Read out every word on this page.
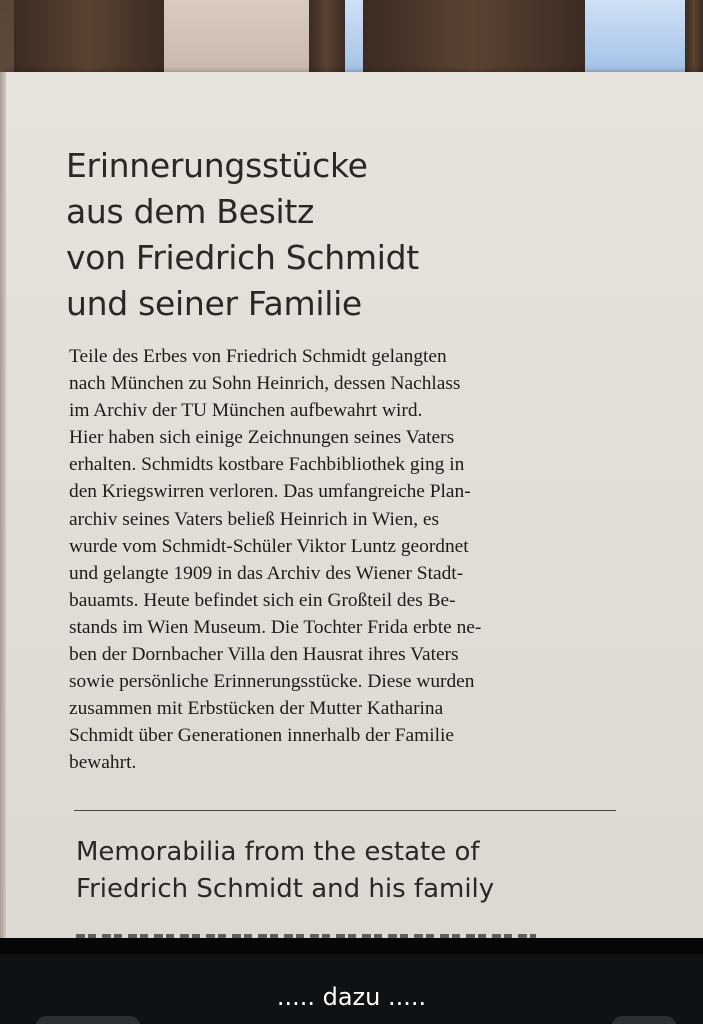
Erinnerungsstücke
aus dem Besitz
von Friedrich Schmidt
und seiner Familie

Teile des Erbes von Friedrich Schmidt gelangten
nach München zu Sohn Heinrich, dessen Nachlass
im Archiv der TU München aufbewahrt wird.
Hier haben sich einige Zeichnungen seines Vaters
erhalten. Schmidts kostbare Fachbibliothek ging in
den Kriegswirren verloren. Das umfangreiche Plan-
archiv seines Vaters beließ Heinrich in Wien, es
wurde vom Schmidt-Schüler Viktor Luntz geordnet
und gelangte 1909 in das Archiv des Wiener Stadt-
bauamts. Heute befindet sich ein Großteil des Be-
stands im Wien Museum. Die Tochter Frida erbte ne-
ben der Dornbacher Villa den Hausrat ihres Vaters
sowie persönliche Erinnerungsstücke. Diese wurden
zusammen mit Erbstücken der Mutter Katharina
Schmidt über Generationen innerhalb der Familie
bewahrt.

Memorabilia from the estate of
Friedrich Schmidt and his family
..... dazu .....
